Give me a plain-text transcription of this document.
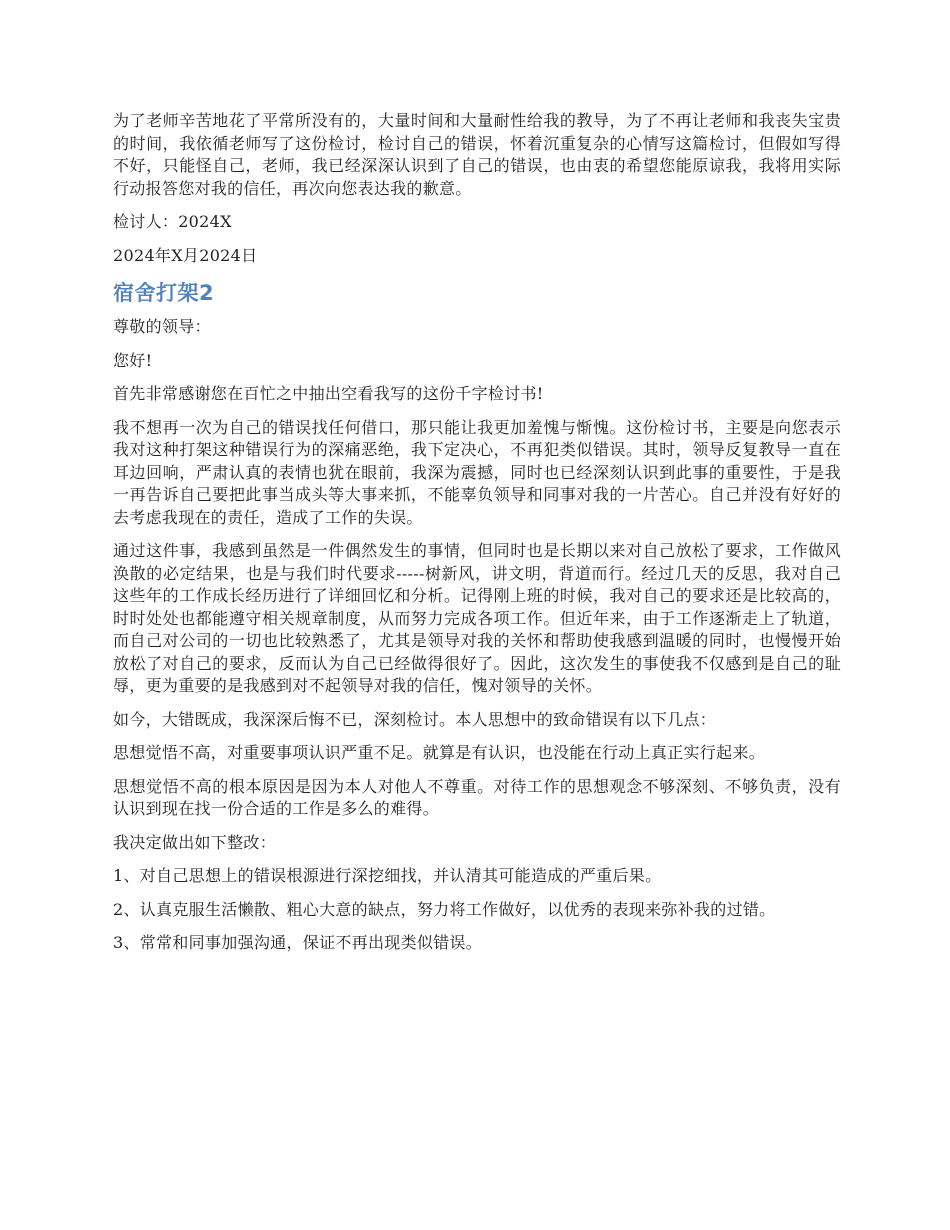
为了老师辛苦地花了平常所没有的，大量时间和大量耐性给我的教导，为了不再让老师和我丧失宝贵的时间，我依循老师写了这份检讨，检讨自己的错误，怀着沉重复杂的心情写这篇检讨，但假如写得不好，只能怪自己，老师，我已经深深认识到了自己的错误，也由衷的希望您能原谅我，我将用实际行动报答您对我的信任，再次向您表达我的歉意。

检讨人：2024X

2024年X月2024日

宿舍打架2

尊敬的领导：

您好!

首先非常感谢您在百忙之中抽出空看我写的这份千字检讨书!

我不想再一次为自己的错误找任何借口，那只能让我更加羞愧与惭愧。这份检讨书，主要是向您表示我对这种打架这种错误行为的深痛恶绝，我下定决心，不再犯类似错误。其时，领导反复教导一直在耳边回响，严肃认真的表情也犹在眼前，我深为震撼，同时也已经深刻认识到此事的重要性，于是我一再告诉自己要把此事当成头等大事来抓，不能辜负领导和同事对我的一片苦心。自己并没有好好的去考虑我现在的责任，造成了工作的失误。

通过这件事，我感到虽然是一件偶然发生的事情，但同时也是长期以来对自己放松了要求，工作做风涣散的必定结果，也是与我们时代要求-----树新风，讲文明，背道而行。经过几天的反思，我对自己这些年的工作成长经历进行了详细回忆和分析。记得刚上班的时候，我对自己的要求还是比较高的，时时处处也都能遵守相关规章制度，从而努力完成各项工作。但近年来，由于工作逐渐走上了轨道，而自己对公司的一切也比较熟悉了，尤其是领导对我的关怀和帮助使我感到温暖的同时，也慢慢开始放松了对自己的要求，反而认为自己已经做得很好了。因此，这次发生的事使我不仅感到是自己的耻辱，更为重要的是我感到对不起领导对我的信任，愧对领导的关怀。

如今，大错既成，我深深后悔不已，深刻检讨。本人思想中的致命错误有以下几点：

思想觉悟不高，对重要事项认识严重不足。就算是有认识，也没能在行动上真正实行起来。

思想觉悟不高的根本原因是因为本人对他人不尊重。对待工作的思想观念不够深刻、不够负责，没有认识到现在找一份合适的工作是多么的难得。

我决定做出如下整改：

1、对自己思想上的错误根源进行深挖细找，并认清其可能造成的严重后果。

2、认真克服生活懒散、粗心大意的缺点，努力将工作做好，以优秀的表现来弥补我的过错。

3、常常和同事加强沟通，保证不再出现类似错误。
